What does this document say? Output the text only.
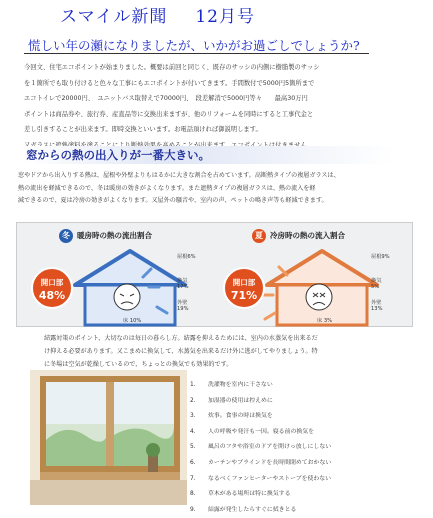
スマイル新聞 12月号
慌しい年の瀬になりましたが、いかがお過ごしでしょうか?
今回文、住宅エコポイントが始まりました。概要は前回と同じく、既存のサッシの内側に樹脂製のサッシ
を１箇所でも取り付けると色々な工事にもエコポイントが付いてきます。手間数付で5000円5箇所まで
エコトイレで20000円、　ユニットバス取替えで70000円、　段差解消で5000円等々　　最高30万円
ポイントは商品券や、旅行券、産直品等に交換出来ますが、他のリフォームを同時にすると工事代金と
差し引きすることが出来ます。即時交換といいます。お電話頂ければ御説明します。
窓からの熱の出入りが一番大きい。
窓やドアから出入りする熱は、屋根や外壁よりもはるかに大きな割合を占めています。高断熱タイプの複層ガラスは、
熱の流出を軽減できるので、冬は暖房の効きがよくなります。また遮熱タイプの複層ガラスは、熱の流入を軽
減できるので、夏は冷房の効きがよくなります。又屋外の騒音や、室内の声、ペットの鳴き声等も軽減できます。
冬 暖房時の熱の流出割合
開口部
48%
屋根6%
換気
17%
外壁
19%
床 10%
夏 冷房時の熱の流入割合
開口部
71%
屋根9%
換気
5%
外壁
13%
床 3%
結露対策のポイント、大切なのは毎日の暮らし方。結露を抑えるためには、室内の水蒸気を出来るだ
け抑える必要があります。又こまめに換気して、水蒸気を出来るだけ外に逃がしてやりましょう。特
に冬場は空気が乾燥しているので、ちょっとの換気でも効果的です。
1. 洗濯物を室内に干さない
2. 加湿器の使用は控えめに
3. 炊事。食事の時は換気を
4. 人の呼吸や発汗も一因。寝る前の換気を
5. 風呂のフタや浴室のドアを開けっ放しにしない
6. カーテンやブラインドを長時間閉めておかない
7. なるべくファンヒーターやストーブを使わない
8. 草木がある場所は特に換気する
9. 結露が発生したらすぐに拭きとる
